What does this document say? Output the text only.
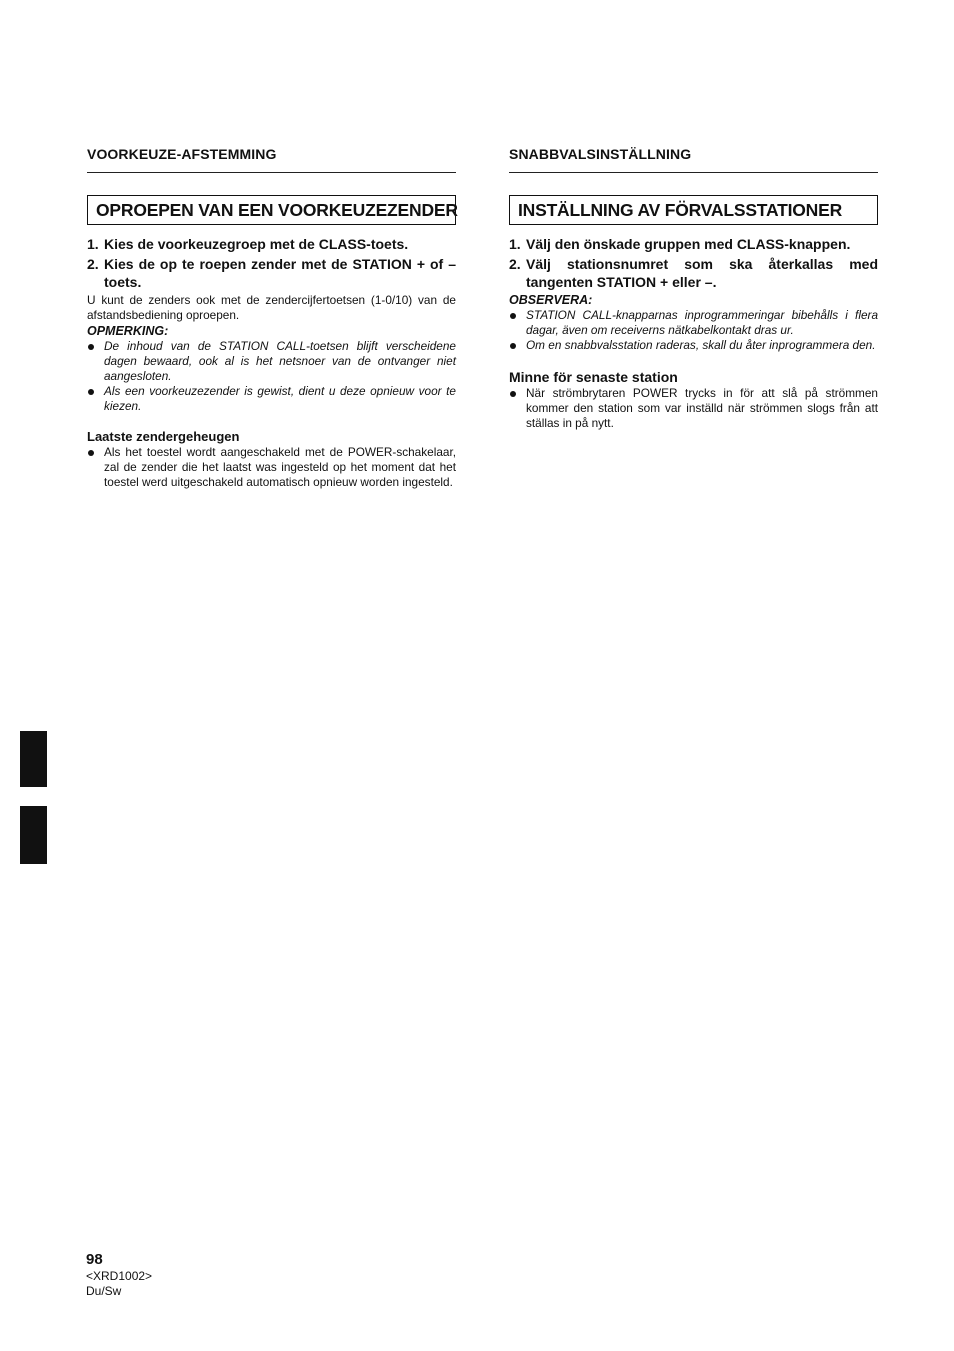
VOORKEUZE-AFSTEMMING
OPROEPEN VAN EEN VOORKEUZEZENDER
1. Kies de voorkeuzegroep met de CLASS-toets.
2. Kies de op te roepen zender met de STATION + of – toets.

U kunt de zenders ook met de zendercijfertoetsen (1-0/10) van de afstandsbediening oproepen.

OPMERKING:

De inhoud van de STATION CALL-toetsen blijft verscheidene dagen bewaard, ook al is het netsnoer van de ontvanger niet aangesloten.
Als een voorkeuzezender is gewist, dient u deze opnieuw voor te kiezen.
Laatste zendergeheugen
Als het toestel wordt aangeschakeld met de POWER-schakelaar, zal de zender die het laatst was ingesteld op het moment dat het toestel werd uitgeschakeld automatisch opnieuw worden ingesteld.
SNABBVALSINSTÄLLNING
INSTÄLLNING AV FÖRVALSSTATIONER
1. Välj den önskade gruppen med CLASS-knappen.
2. Välj stationsnumret som ska återkallas med tangenten STATION + eller –.

OBSERVERA:

STATION CALL-knapparnas inprogrammeringar bibehålls i flera dagar, även om receiverns nätkabelkontakt dras ur.
Om en snabbvalsstation raderas, skall du åter inprogrammera den.
Minne för senaste station
När strömbrytaren POWER trycks in för att slå på strömmen kommer den station som var inställd när strömmen slogs från att ställas in på nytt.
98
<XRD1002>
Du/Sw
